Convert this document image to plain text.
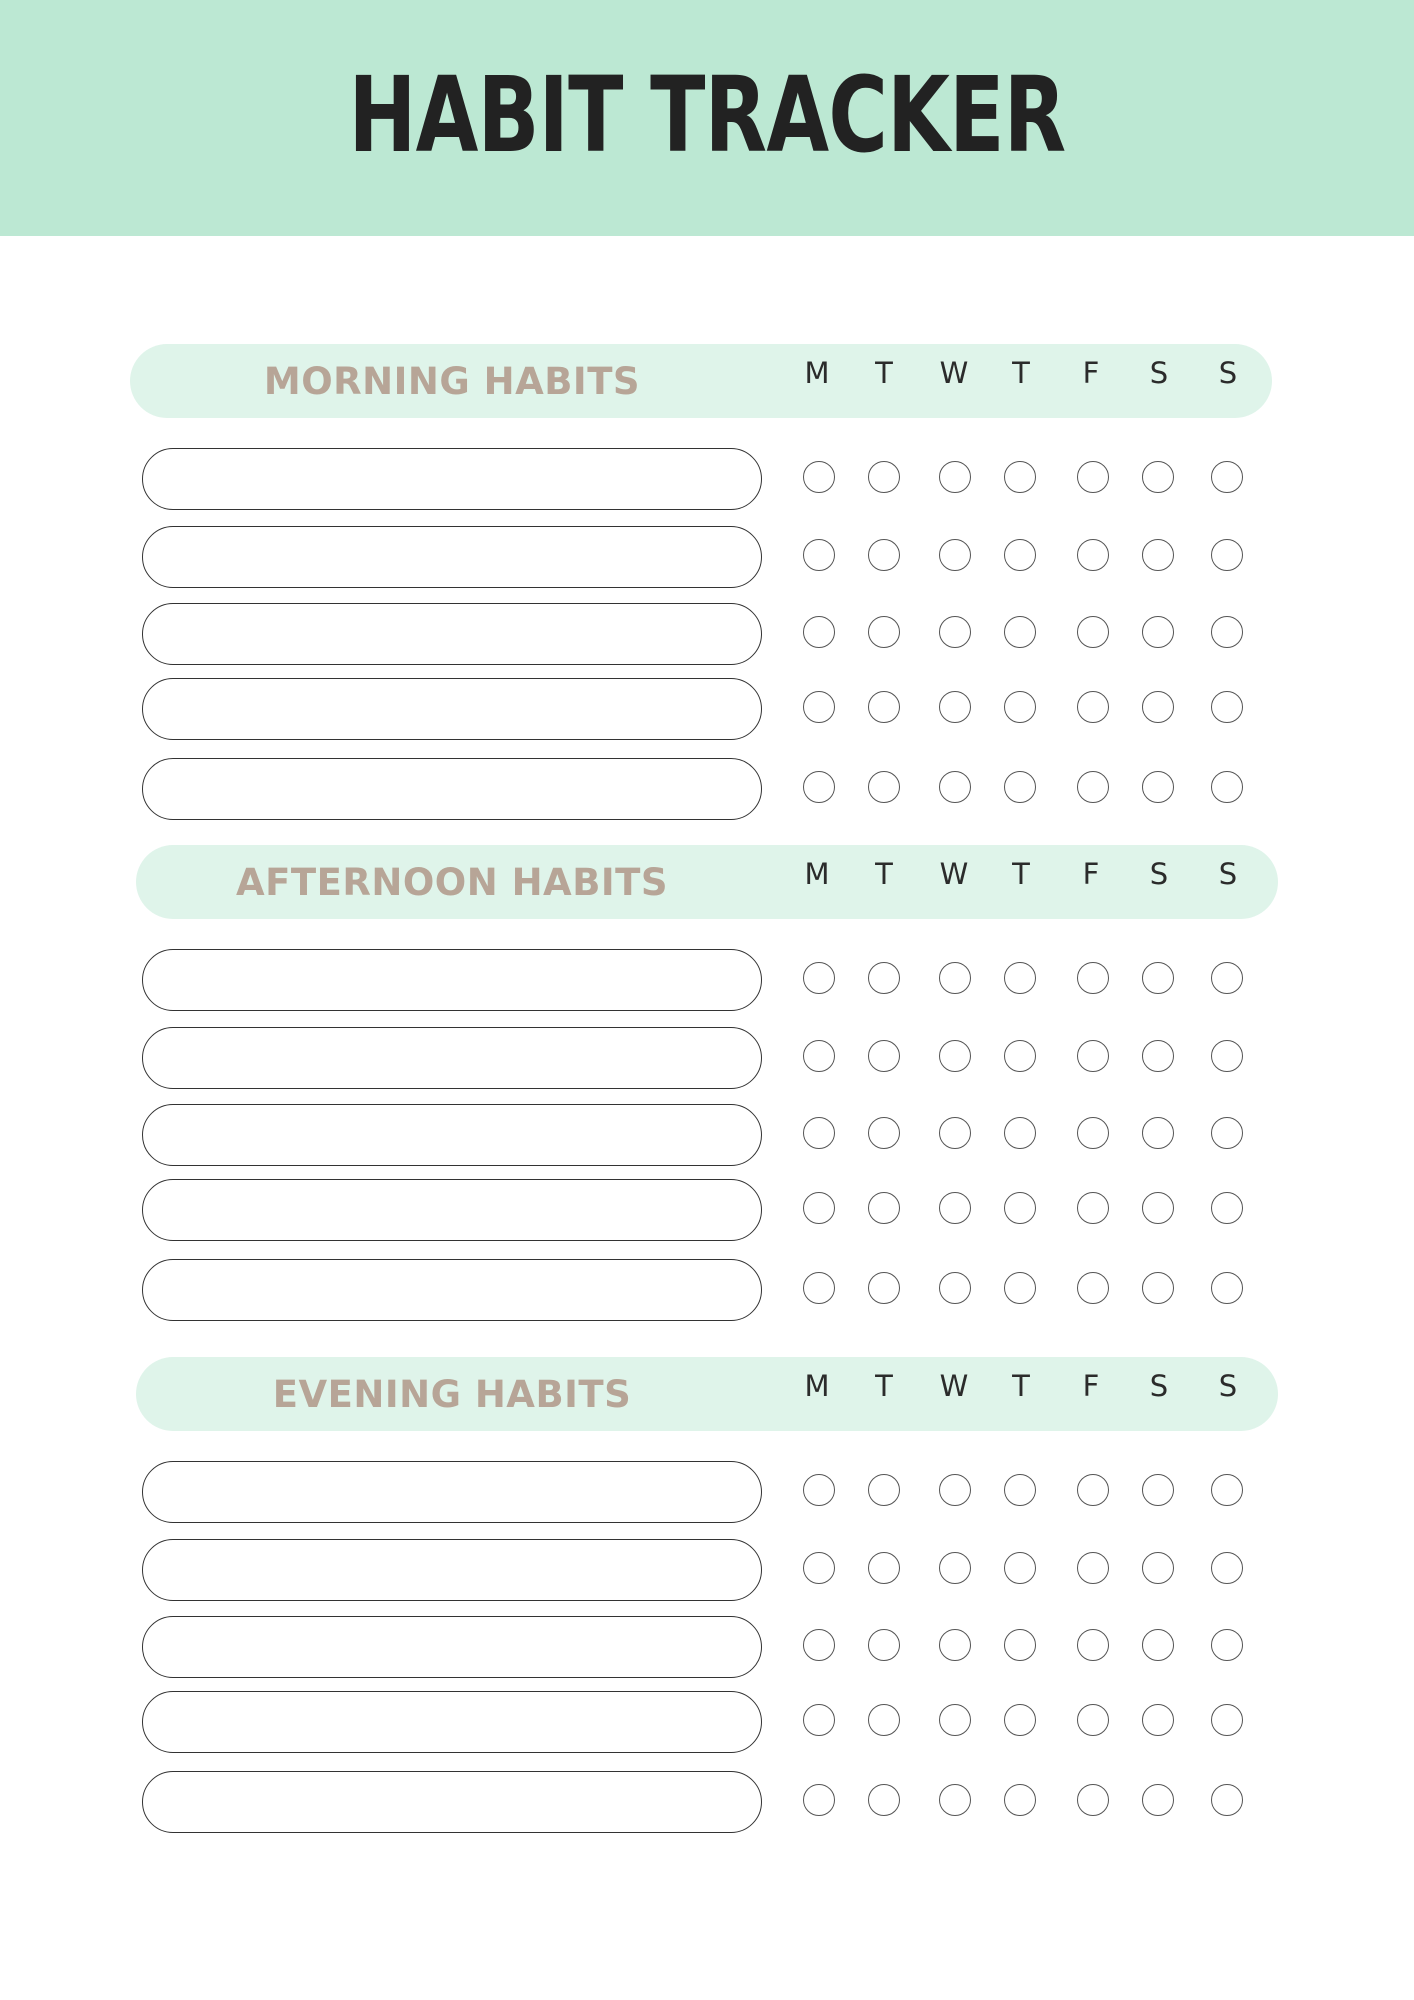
HABIT TRACKER
MORNING HABITS	M	T	W	T	F	S	S
AFTERNOON HABITS	M	T	W	T	F	S	S
EVENING HABITS	M	T	W	T	F	S	S
